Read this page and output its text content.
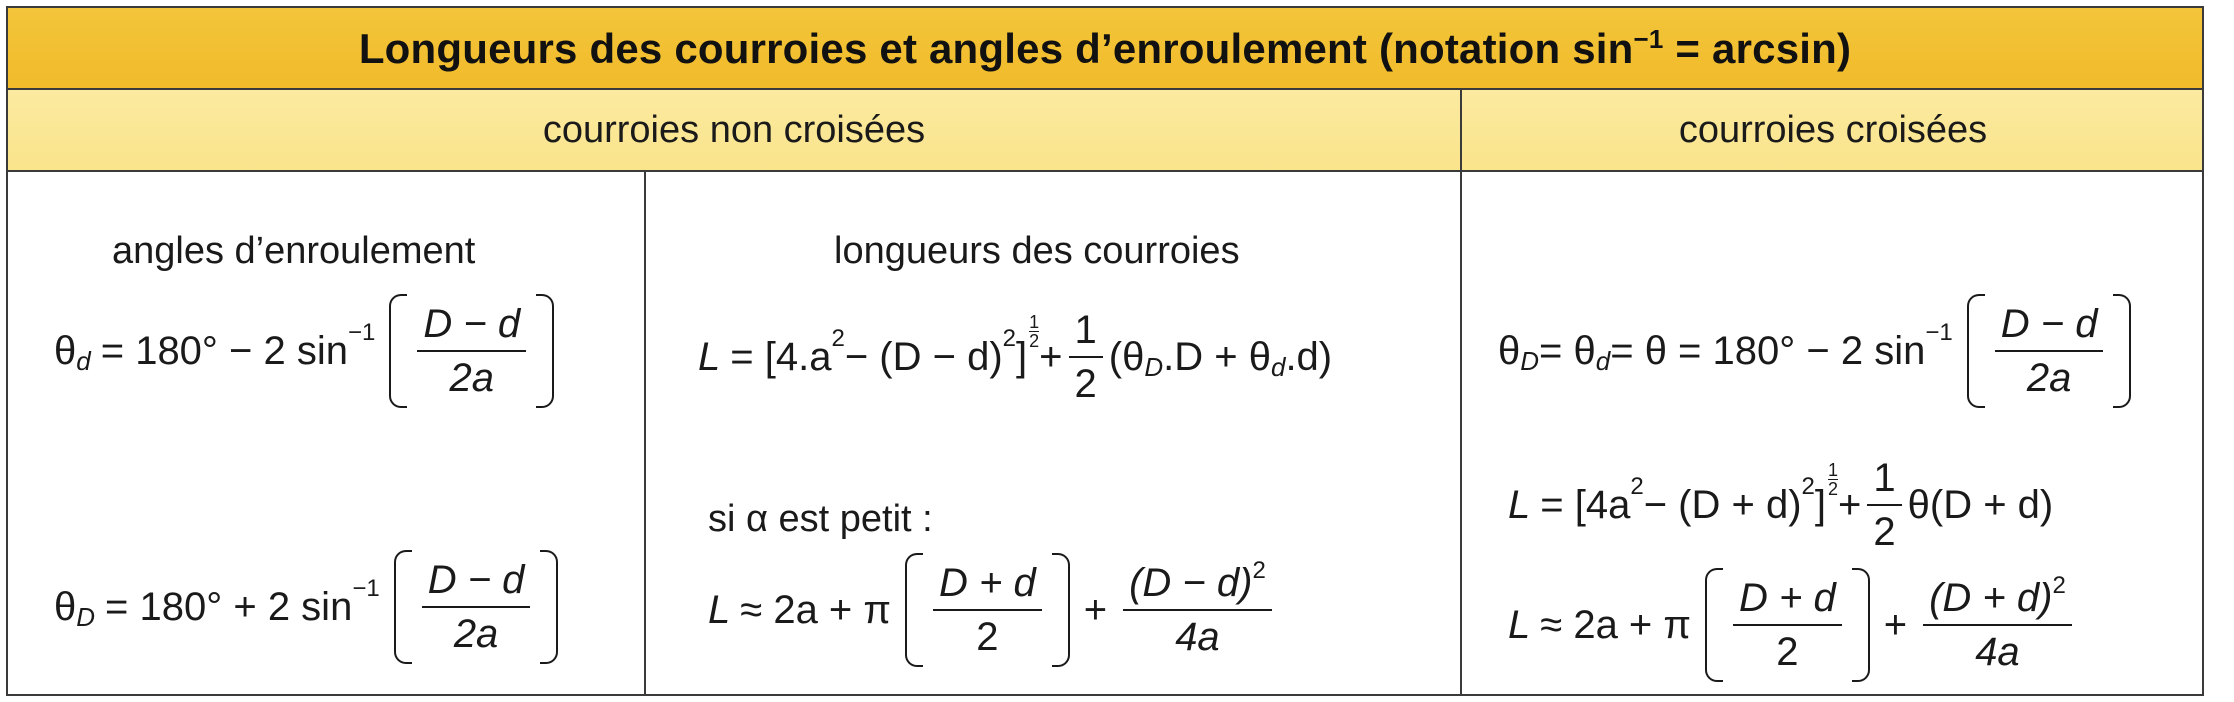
Longueurs des courroies et angles d’enroulement (notation $\sin^{-1} = \arcsin$)
courroies non croisées	courroies croisées
angles d’enroulement
θ d = 180° − 2 $\sin -1 \frac{D - d}{2a}$
θ D = 180° + 2 $\sin -1 \frac{D - d}{2a}$
longueurs des courroies
L = [4.a 2 − (D − d) 2 ]
$\frac{1}{2}$
+ $\frac{1}{2} (\theta$ D .D + θ d .d)
si α est petit :
L ≈ 2a + π $\frac{D + d}{2} + \frac{(D - d)^2}{4a}$
θ D = θ d = θ = 180° − 2 $\sin -1 \frac{D - d}{2a}$
L = [4a 2 − (D + d) 2 ]
$\frac{1}{2}$
+ $\frac{1}{2} \theta(D + d)$
L ≈ 2a + π $\frac{D + d}{2} + \frac{(D + d)^2}{4a}$
